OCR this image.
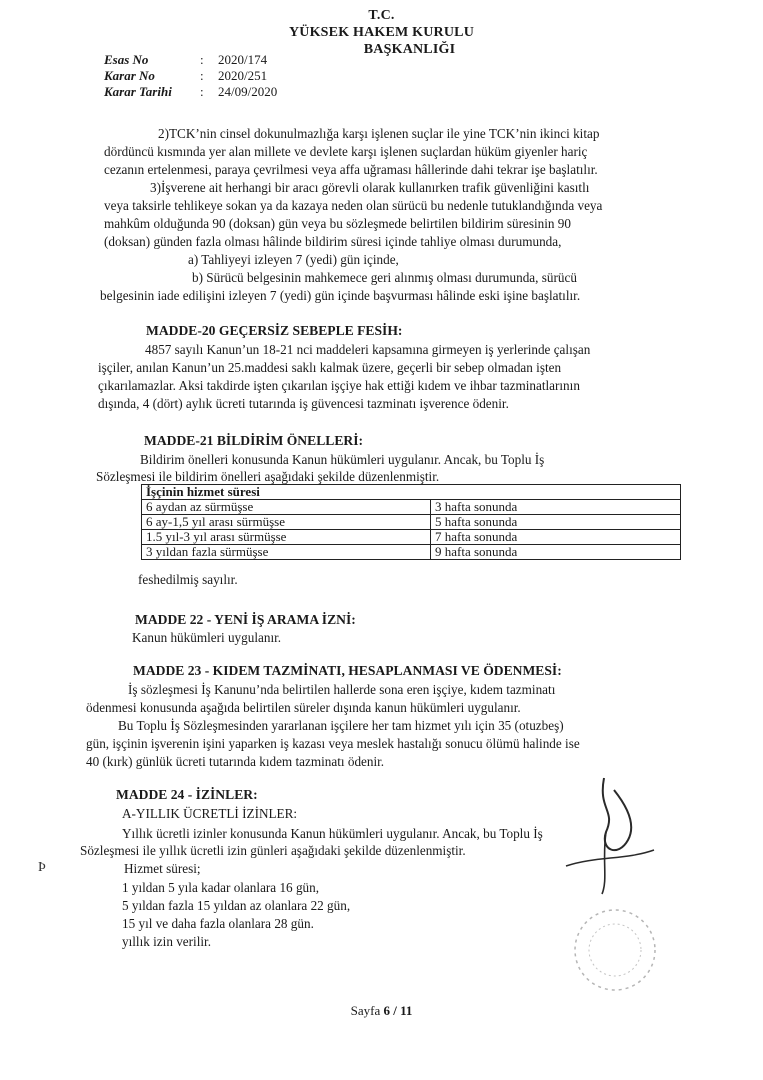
T.C.
YÜKSEK HAKEM KURULU
BAŞKANLIĞI
Esas No	:	2020/174
Karar No	:	2020/251
Karar Tarihi	:	24/09/2020
2)TCK’nin cinsel dokunulmazlığa karşı işlenen suçlar ile yine TCK’nin ikinci kitap
dördüncü kısmında yer alan millete ve devlete karşı işlenen suçlardan hüküm giyenler hariç
cezanın ertelenmesi, paraya çevrilmesi veya affa uğraması hâllerinde dahi tekrar işe başlatılır.
3)İşverene ait herhangi bir aracı görevli olarak kullanırken trafik güvenliğini kasıtlı
veya taksirle tehlikeye sokan ya da kazaya neden olan sürücü bu nedenle tutuklandığında veya
mahkûm olduğunda 90 (doksan) gün veya bu sözleşmede belirtilen bildirim süresinin 90
(doksan) günden fazla olması hâlinde bildirim süresi içinde tahliye olması durumunda,
a) Tahliyeyi izleyen 7 (yedi) gün içinde,
b) Sürücü belgesinin mahkemece geri alınmış olması durumunda, sürücü
belgesinin iade edilişini izleyen 7 (yedi) gün içinde başvurması hâlinde eski işine başlatılır.
MADDE-20 GEÇERSİZ SEBEPLE FESİH:
4857 sayılı Kanun’un 18-21 nci maddeleri kapsamına girmeyen iş yerlerinde çalışan
işçiler, anılan Kanun’un 25.maddesi saklı kalmak üzere, geçerli bir sebep olmadan işten
çıkarılamazlar. Aksi takdirde işten çıkarılan işçiye hak ettiği kıdem ve ihbar tazminatlarının
dışında, 4 (dört) aylık ücreti tutarında iş güvencesi tazminatı işverence ödenir.
MADDE-21 BİLDİRİM ÖNELLERİ:
Bildirim önelleri konusunda Kanun hükümleri uygulanır. Ancak, bu Toplu İş
Sözleşmesi ile bildirim önelleri aşağıdaki şekilde düzenlenmiştir.
İşçinin hizmet süresi	
6 aydan az sürmüşse	3 hafta sonunda
6 ay-1,5 yıl arası sürmüşse	5 hafta sonunda
1.5 yıl-3 yıl arası sürmüşse	7 hafta sonunda
3 yıldan fazla sürmüşse	9 hafta sonunda
feshedilmiş sayılır.
MADDE 22 - YENİ İŞ ARAMA İZNİ:
Kanun hükümleri uygulanır.
MADDE 23 - KIDEM TAZMİNATI, HESAPLANMASI VE ÖDENMESİ:
İş sözleşmesi İş Kanunu’nda belirtilen hallerde sona eren işçiye, kıdem tazminatı
ödenmesi konusunda aşağıda belirtilen süreler dışında kanun hükümleri uygulanır.
Bu Toplu İş Sözleşmesinden yararlanan işçilere her tam hizmet yılı için 35 (otuzbeş)
gün, işçinin işverenin işini yaparken iş kazası veya meslek hastalığı sonucu ölümü halinde ise
40 (kırk) günlük ücreti tutarında kıdem tazminatı ödenir.
MADDE 24 - İZİNLER:
A-YILLIK ÜCRETLİ İZİNLER:
Yıllık ücretli izinler konusunda Kanun hükümleri uygulanır. Ancak, bu Toplu İş
Sözleşmesi ile yıllık ücretli izin günleri aşağıdaki şekilde düzenlenmiştir.
Hizmet süresi;
1 yıldan 5 yıla kadar olanlara 16 gün,
5 yıldan fazla 15 yıldan az olanlara 22 gün,
15 yıl ve daha fazla olanlara 28 gün.
yıllık izin verilir.
Þ
Sayfa 6 / 11
